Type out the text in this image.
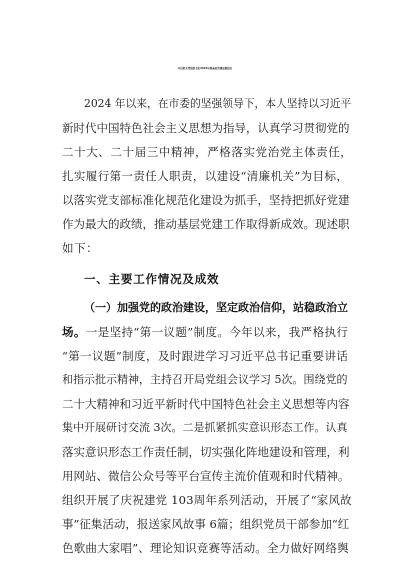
市直机关党组织书记2024年抓基层党建述职报告
2024 年以来，在市委的坚强领导下，本人坚持以习近平
新时代中国特色社会主义思想为指导，认真学习贯彻党的
二十大、二十届三中精神，严格落实党治党主体责任，
扎实履行第一责任人职责，以建设“清廉机关”为目标，
以落实党支部标准化规范化建设为抓手，坚持把抓好党建
作为最大的政绩，推动基层党建工作取得新成效。现述职
如下：
一、主要工作情况及成效
（一）加强党的政治建设，坚定政治信仰，站稳政治立
场。一是坚持“第一议题”制度。今年以来，我严格执行
“第一议题”制度，及时跟进学习习近平总书记重要讲话
和指示批示精神，主持召开局党组会议学习 5次。围绕党的
二十大精神和习近平新时代中国特色社会主义思想等内容
集中开展研讨交流 3次。二是抓紧抓实意识形态工作。认真
落实意识形态工作责任制，切实强化阵地建设和管理，利
用网站、微信公众号等平台宣传主流价值观和时代精神。
组织开展了庆祝建党 103周年系列活动，开展了“家风故
事”征集活动，报送家风故事 6篇；组织党员干部参加“红
色歌曲大家唱”、理论知识竞赛等活动。全力做好网络舆
